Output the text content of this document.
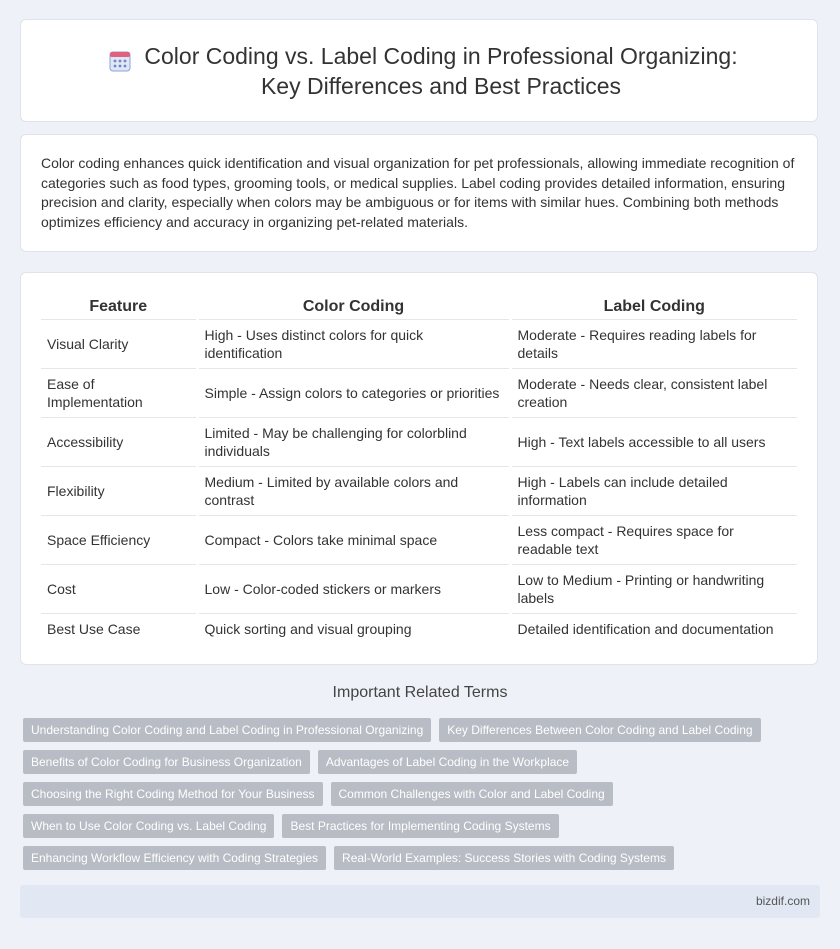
Color Coding vs. Label Coding in Professional Organizing: Key Differences and Best Practices

Color coding enhances quick identification and visual organization for pet professionals, allowing immediate recognition of categories such as food types, grooming tools, or medical supplies. Label coding provides detailed information, ensuring precision and clarity, especially when colors may be ambiguous or for items with similar hues. Combining both methods optimizes efficiency and accuracy in organizing pet-related materials.

Feature	Color Coding	Label Coding
Visual Clarity	High - Uses distinct colors for quick identification	Moderate - Requires reading labels for details
Ease of Implementation	Simple - Assign colors to categories or priorities	Moderate - Needs clear, consistent label creation
Accessibility	Limited - May be challenging for colorblind individuals	High - Text labels accessible to all users
Flexibility	Medium - Limited by available colors and contrast	High - Labels can include detailed information
Space Efficiency	Compact - Colors take minimal space	Less compact - Requires space for readable text
Cost	Low - Color-coded stickers or markers	Low to Medium - Printing or handwriting labels
Best Use Case	Quick sorting and visual grouping	Detailed identification and documentation
Important Related Terms
Understanding Color Coding and Label Coding in Professional Organizing	Key Differences Between Color Coding and Label Coding
Benefits of Color Coding for Business Organization	Advantages of Label Coding in the Workplace
Choosing the Right Coding Method for Your Business	Common Challenges with Color and Label Coding
When to Use Color Coding vs. Label Coding	Best Practices for Implementing Coding Systems
Enhancing Workflow Efficiency with Coding Strategies	Real-World Examples: Success Stories with Coding Systems
bizdif.com
